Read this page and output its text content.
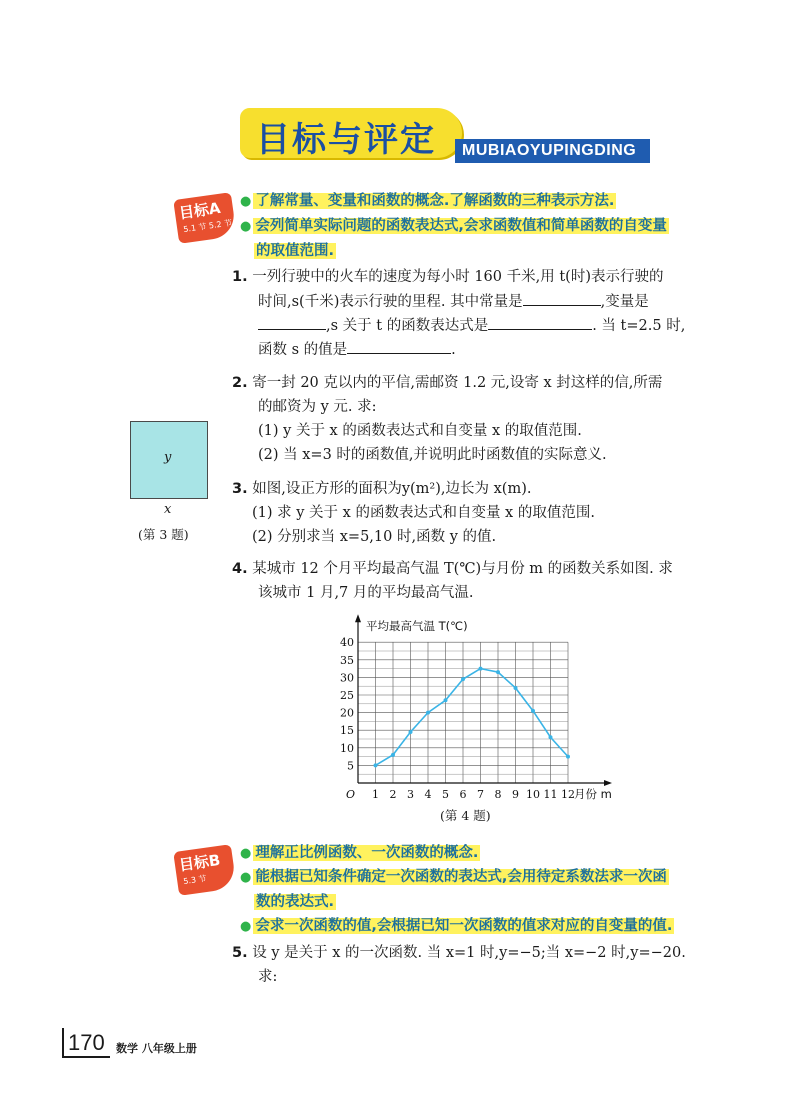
目标与评定 MUBIAOYUPINGDING
目标A
5.1 节 5.2 节
● 了解常量、变量和函数的概念.了解函数的三种表示方法.
● 会列简单实际问题的函数表达式,会求函数值和简单函数的自变量
的取值范围.
1. 一列行驶中的火车的速度为每小时 160 千米,用 t(时)表示行驶的
时间,s(千米)表示行驶的里程. 其中常量是	,变量是
,s 关于 t 的函数表达式是	. 当 t=2.5 时,
函数 s 的值是	.
2. 寄一封 20 克以内的平信,需邮资 1.2 元,设寄 x 封这样的信,所需
的邮资为 y 元. 求:
(1) y 关于 x 的函数表达式和自变量 x 的取值范围.
(2) 当 x=3 时的函数值,并说明此时函数值的实际意义.
y
x
(第 3 题)
3. 如图,设正方形的面积为y(m²),边长为 x(m).
(1) 求 y 关于 x 的函数表达式和自变量 x 的取值范围.
(2) 分别求当 x=5,10 时,函数 y 的值.
4. 某城市 12 个月平均最高气温 T(℃)与月份 m 的函数关系如图. 求
该城市 1 月,7 月的平均最高气温.
5
10
15
20
25
30
35
40
1 2 3 4 5 6 7 8 9 10 11 12
O
平均最高气温 T(℃)
月份 m
(第 4 题)
目标B
5.3 节
● 理解正比例函数、一次函数的概念.
● 能根据已知条件确定一次函数的表达式,会用待定系数法求一次函
数的表达式.
● 会求一次函数的值,会根据已知一次函数的值求对应的自变量的值.
5. 设 y 是关于 x 的一次函数. 当 x=1 时,y=−5;当 x=−2 时,y=−20.
求:
170 数学 八年级上册
